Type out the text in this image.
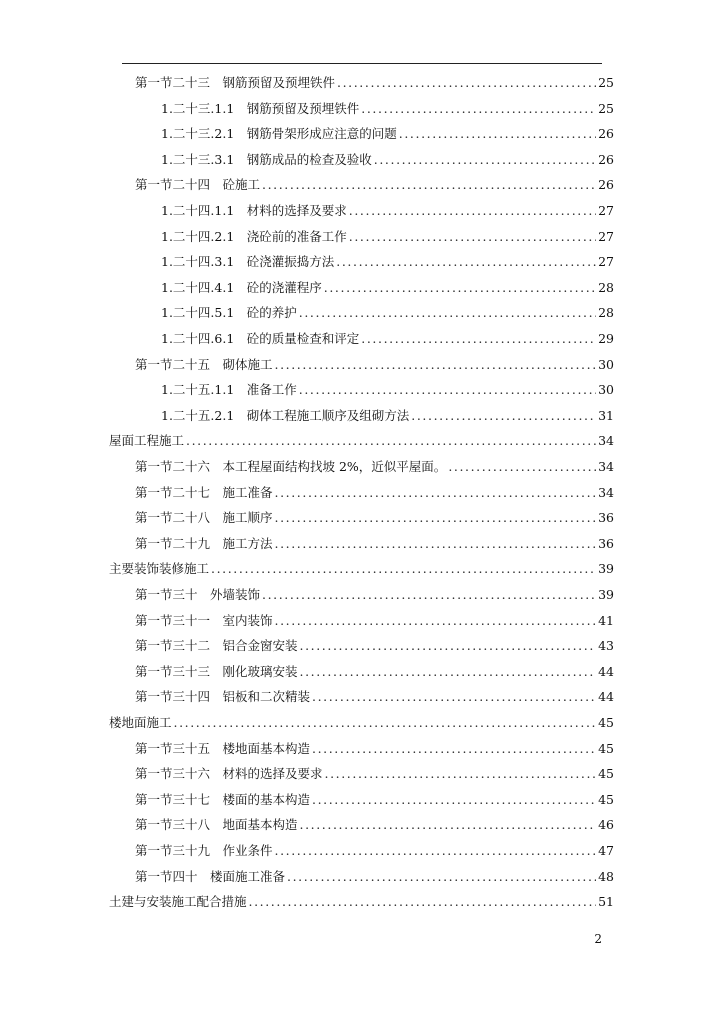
第一节二十三　钢筋预留及预埋铁件 .....	25
1.二十三.1.1　钢筋预留及预埋铁件 .....	25
1.二十三.2.1　钢筋骨架形成应注意的问题 .....	26
1.二十三.3.1　钢筋成品的检查及验收 .....	26
第一节二十四　砼施工 .....	26
1.二十四.1.1　材料的选择及要求 .....	27
1.二十四.2.1　浇砼前的准备工作 .....	27
1.二十四.3.1　砼浇灌振捣方法 .....	27
1.二十四.4.1　砼的浇灌程序 .....	28
1.二十四.5.1　砼的养护 .....	28
1.二十四.6.1　砼的质量检查和评定 .....	29
第一节二十五　砌体施工 .....	30
1.二十五.1.1　准备工作 .....	30
1.二十五.2.1　砌体工程施工顺序及组砌方法 .....	31
屋面工程施工 .....	34
第一节二十六　本工程屋面结构找坡 2%，近似平屋面。 .....	34
第一节二十七　施工准备 .....	34
第一节二十八　施工顺序 .....	36
第一节二十九　施工方法 .....	36
主要装饰装修施工 .....	39
第一节三十　外墙装饰 .....	39
第一节三十一　室内装饰 .....	41
第一节三十二　铝合金窗安装 .....	43
第一节三十三　刚化玻璃安装 .....	44
第一节三十四　铝板和二次精装 .....	44
楼地面施工 .....	45
第一节三十五　楼地面基本构造 .....	45
第一节三十六　材料的选择及要求 .....	45
第一节三十七　楼面的基本构造 .....	45
第一节三十八　地面基本构造 .....	46
第一节三十九　作业条件 .....	47
第一节四十　楼面施工准备 .....	48
土建与安装施工配合措施 .....	51
2
